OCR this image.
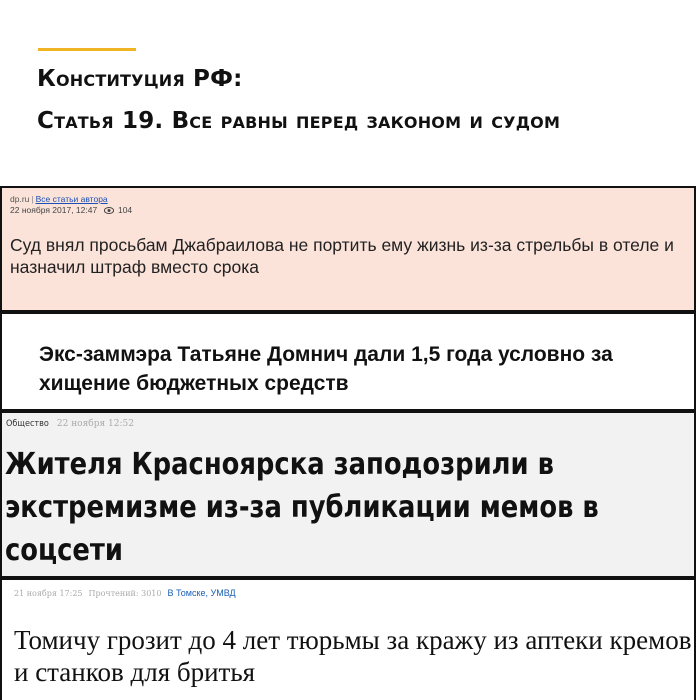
Конституция РФ:
Статья 19. Все равны перед законом и судом
dp.ru | Все статьи автора
22 ноября 2017, 12:47 104
Суд внял просьбам Джабраилова не портить ему жизнь из-за стрельбы в отеле и назначил штраф вместо срока
Экс-заммэра Татьяне Домнич дали 1,5 года условно за хищение бюджетных средств
Общество 22 ноября 12:52
Жителя Красноярска заподозрили в экстремизме из-за публикации мемов в соцсети
21 ноября 17:25 Прочтений: 3010 В Томске, УМВД
Томичу грозит до 4 лет тюрьмы за кражу из аптеки кремов и станков для бритья
